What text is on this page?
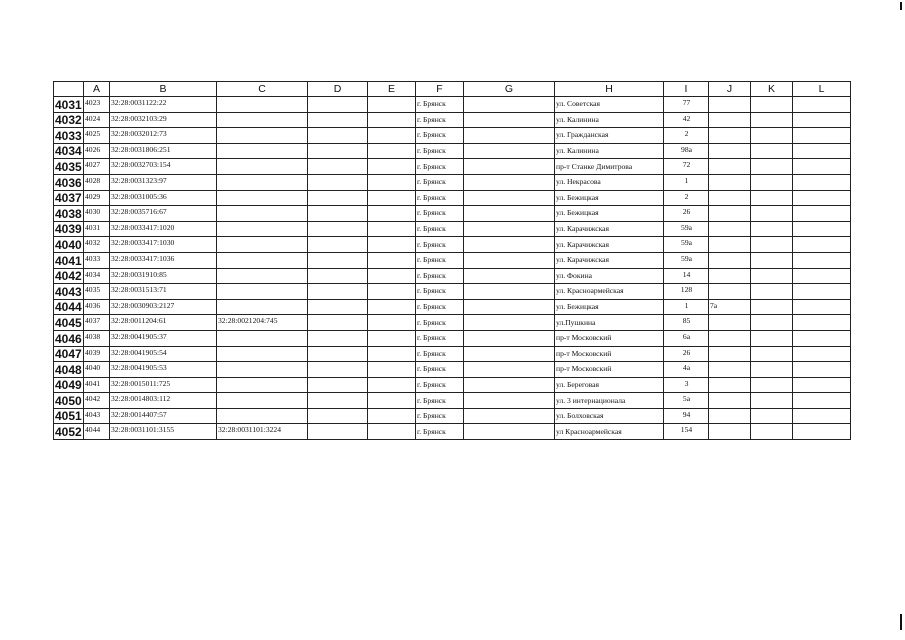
	A	B	C	D	E	F	G	H	I	J	K	L
4031	4023	32:28:0031122:22				г. Брянск		ул. Советская	77			
4032	4024	32:28:0032103:29				г. Брянск		ул. Калинина	42			
4033	4025	32:28:0032012:73				г. Брянск		ул. Гражданская	2			
4034	4026	32:28:0031806:251				г. Брянск		ул. Калинина	98а			
4035	4027	32:28:0032703:154				г. Брянск		пр-т Станке Димитрова	72			
4036	4028	32:28:0031323:97				г. Брянск		ул. Некрасова	1			
4037	4029	32:28:0031005:36				г. Брянск		ул. Бежицкая	2			
4038	4030	32:28:0035716:67				г. Брянск		ул. Бежицкая	26			
4039	4031	32:28:0033417:1020				г. Брянск		ул. Карачижская	59а			
4040	4032	32:28:0033417:1030				г. Брянск		ул. Карачижская	59а			
4041	4033	32:28:0033417:1036				г. Брянск		ул. Карачижская	59а			
4042	4034	32:28:0031910:85				г. Брянск		ул. Фокина	14			
4043	4035	32:28:0031513:71				г. Брянск		ул. Красноармейская	128			
4044	4036	32:28:0030903:2127				г. Брянск		ул. Бежицкая	1	7а		
4045	4037	32:28:0011204:61	32:28:0021204:745			г. Брянск		ул.Пушкина	85			
4046	4038	32:28:0041905:37				г. Брянск		пр-т Московский	6а			
4047	4039	32:28:0041905:54				г. Брянск		пр-т Московский	26			
4048	4040	32:28:0041905:53				г. Брянск		пр-т Московский	4а			
4049	4041	32:28:0015011:725				г. Брянск		ул. Береговая	3			
4050	4042	32:28:0014803:112				г. Брянск		ул. 3 интернационала	5а			
4051	4043	32:28:0014407:57				г. Брянск		ул. Болховская	94			
4052	4044	32:28:0031101:3155	32:28:0031101:3224			г. Брянск		ул Красноармейская	154			
